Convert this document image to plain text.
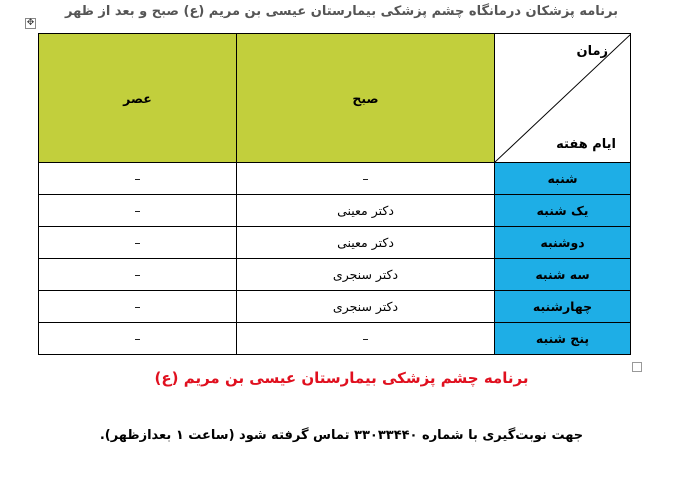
برنامه پزشکان درمانگاه چشم پزشکی بیمارستان عیسی بن مریم (ع) صبح و بعد از ظهر
✥
زمان
ایام هفته	صبح	عصر
شنبه	–	–
یک شنبه	دکتر معینی	–
دوشنبه	دکتر معینی	–
سه شنبه	دکتر سنجری	–
چهارشنبه	دکتر سنجری	–
پنج شنبه	–	–
برنامه چشم پزشکی بیمارستان عیسی بن مریم (ع)
جهت نوبت‌گیری با شماره ۳۳۰۳۳۴۴۰ تماس گرفته شود (ساعت ۱ بعدازظهر).
